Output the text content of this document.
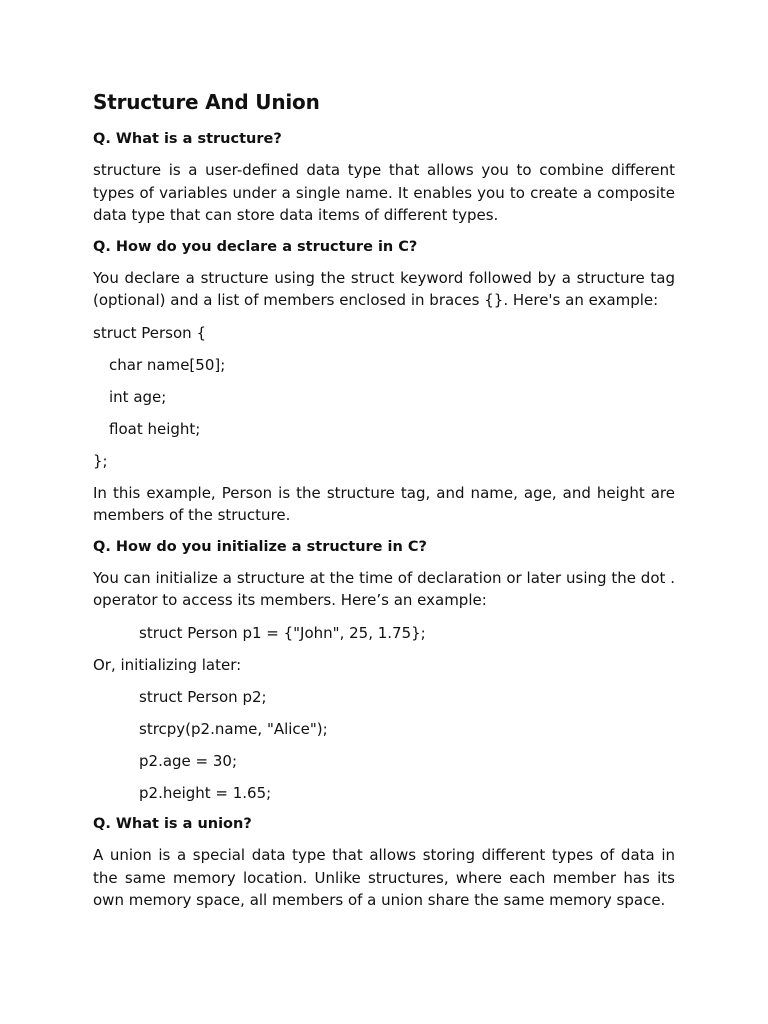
Structure And Union
Q. What is a structure?
structure is a user-defined data type that allows you to combine different types of variables under a single name. It enables you to create a composite data type that can store data items of different types.
Q. How do you declare a structure in C?
You declare a structure using the struct keyword followed by a structure tag (optional) and a list of members enclosed in braces {}. Here's an example:
struct Person {
char name[50];
int age;
float height;
};
In this example, Person is the structure tag, and name, age, and height are members of the structure.
Q. How do you initialize a structure in C?
You can initialize a structure at the time of declaration or later using the dot . operator to access its members. Here’s an example:
struct Person p1 = {"John", 25, 1.75};
Or, initializing later:
struct Person p2;
strcpy(p2.name, "Alice");
p2.age = 30;
p2.height = 1.65;
Q. What is a union?
A union is a special data type that allows storing different types of data in the same memory location. Unlike structures, where each member has its own memory space, all members of a union share the same memory space.
